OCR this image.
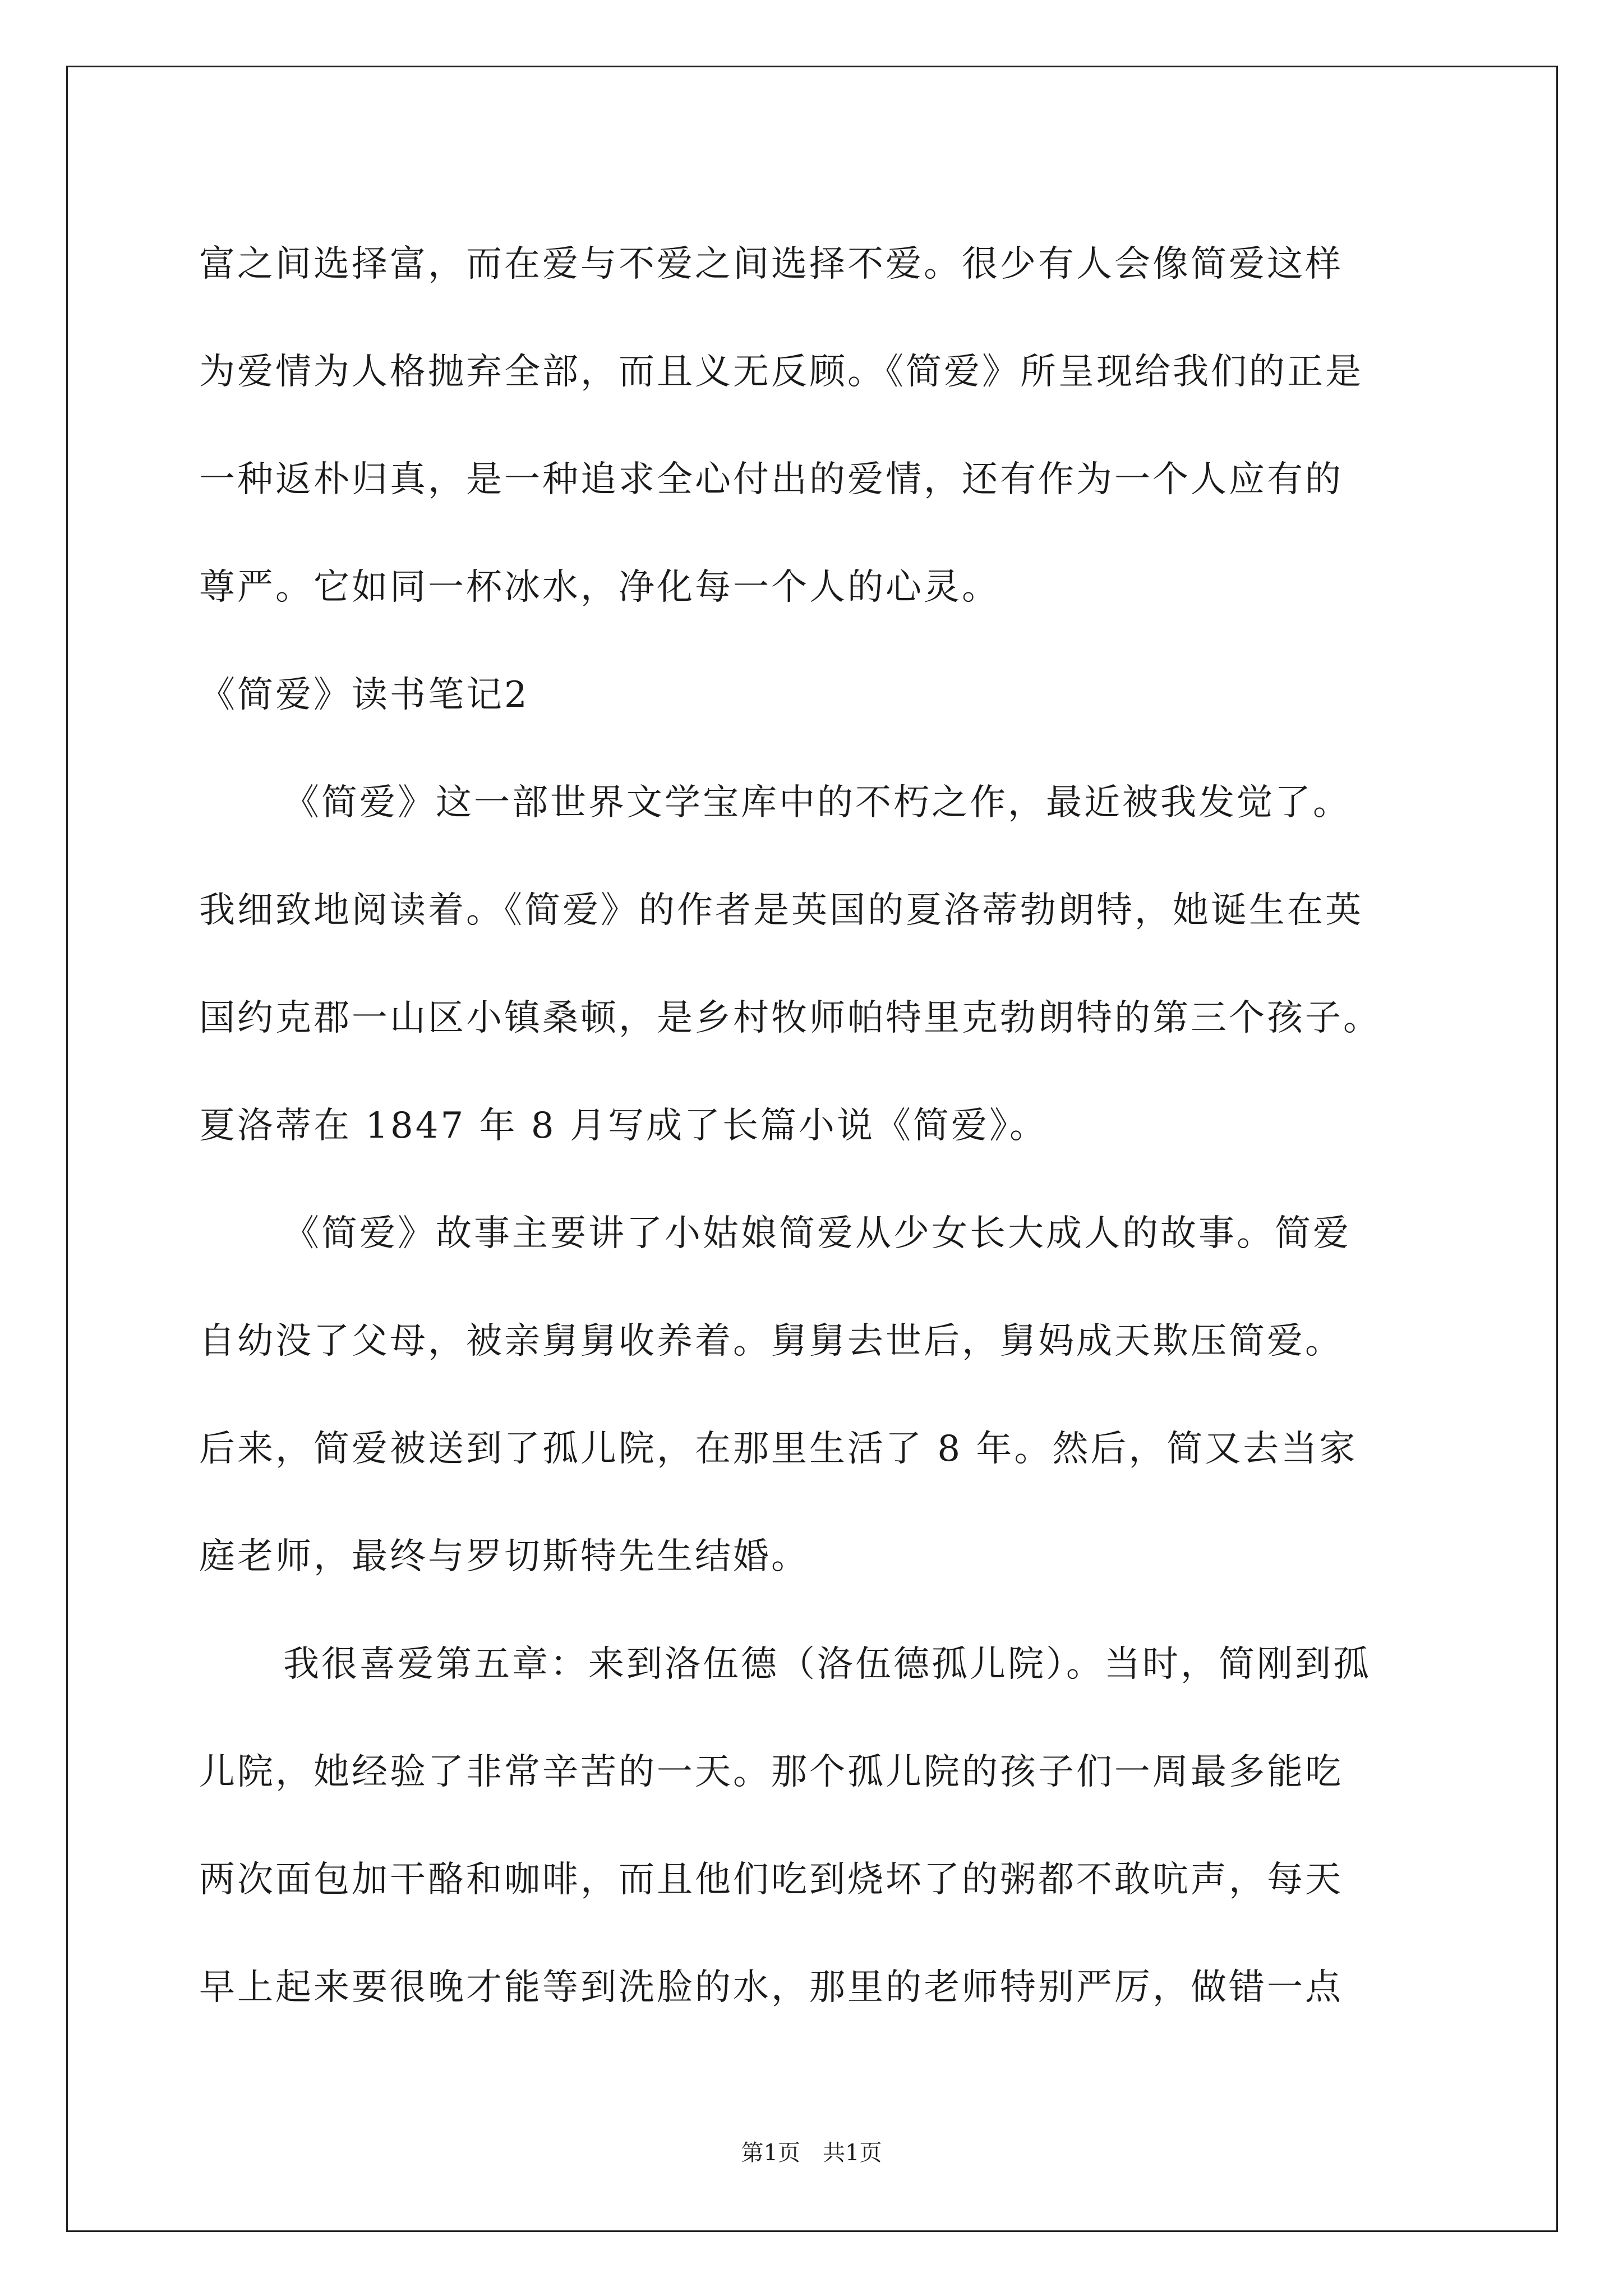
富之间选择富，而在爱与不爱之间选择不爱。很少有人会像简爱这样
为爱情为人格抛弃全部，而且义无反顾。《简爱》所呈现给我们的正是
一种返朴归真，是一种追求全心付出的爱情，还有作为一个人应有的
尊严。它如同一杯冰水，净化每一个人的心灵。
《简爱》读书笔记2
《简爱》这一部世界文学宝库中的不朽之作，最近被我发觉了。
我细致地阅读着。《简爱》的作者是英国的夏洛蒂勃朗特，她诞生在英
国约克郡一山区小镇桑顿，是乡村牧师帕特里克勃朗特的第三个孩子。
夏洛蒂在 1847 年 8 月写成了长篇小说《简爱》。
《简爱》故事主要讲了小姑娘简爱从少女长大成人的故事。简爱
自幼没了父母，被亲舅舅收养着。舅舅去世后，舅妈成天欺压简爱。
后来，简爱被送到了孤儿院，在那里生活了 8 年。然后，简又去当家
庭老师，最终与罗切斯特先生结婚。
我很喜爱第五章：来到洛伍德（洛伍德孤儿院）。当时，简刚到孤
儿院，她经验了非常辛苦的一天。那个孤儿院的孩子们一周最多能吃
两次面包加干酪和咖啡，而且他们吃到烧坏了的粥都不敢吭声，每天
早上起来要很晚才能等到洗脸的水，那里的老师特别严厉，做错一点
第1页 共1页
